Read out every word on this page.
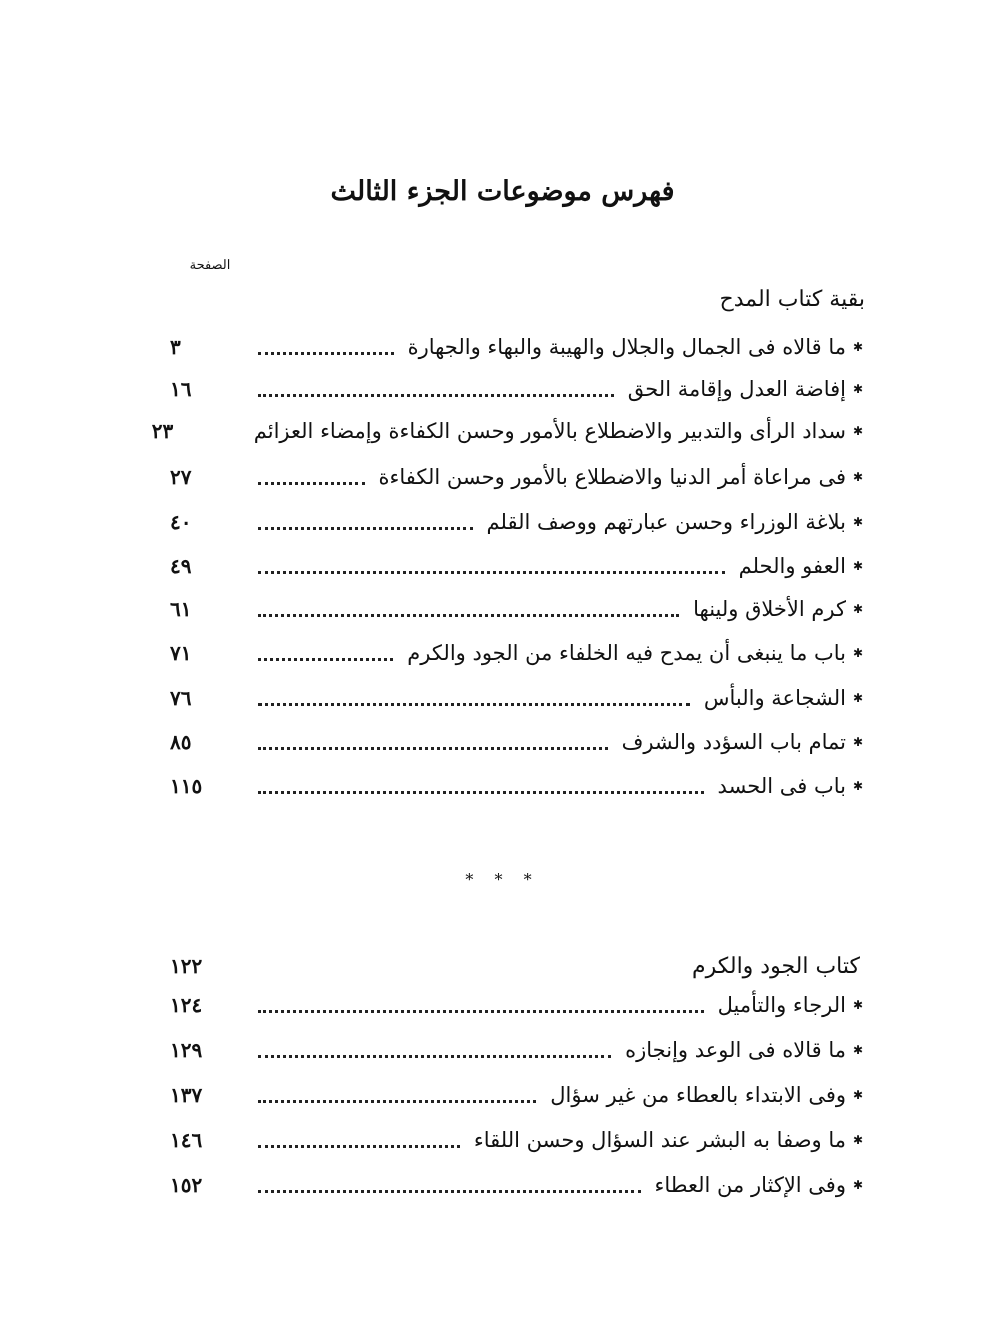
فهرس موضوعات الجزء الثالث
الصفحة
بقية كتاب المدح
✱
ما قالاه فى الجمال والجلال والهيبة والبهاء والجهارة
٣
✱
إفاضة العدل وإقامة الحق
١٦
✱
سداد الرأى والتدبير والاضطلاع بالأمور وحسن الكفاءة وإمضاء العزائم
٢٣
✱
فى مراعاة أمر الدنيا والاضطلاع بالأمور وحسن الكفاءة
٢٧
✱
بلاغة الوزراء وحسن عبارتهم ووصف القلم
٤٠
✱
العفو والحلم
٤٩
✱
كرم الأخلاق ولينها
٦١
✱
باب ما ينبغى أن يمدح فيه الخلفاء من الجود والكرم
٧١
✱
الشجاعة والبأس
٧٦
✱
تمام باب السؤدد والشرف
٨٥
✱
باب فى الحسد
١١٥
* * *
كتاب الجود والكرم
١٢٢
✱
الرجاء والتأميل
١٢٤
✱
ما قالاه فى الوعد وإنجازه
١٢٩
✱
وفى الابتداء بالعطاء من غير سؤال
١٣٧
✱
ما وصفا به البشر عند السؤال وحسن اللقاء
١٤٦
✱
وفى الإكثار من العطاء
١٥٢
